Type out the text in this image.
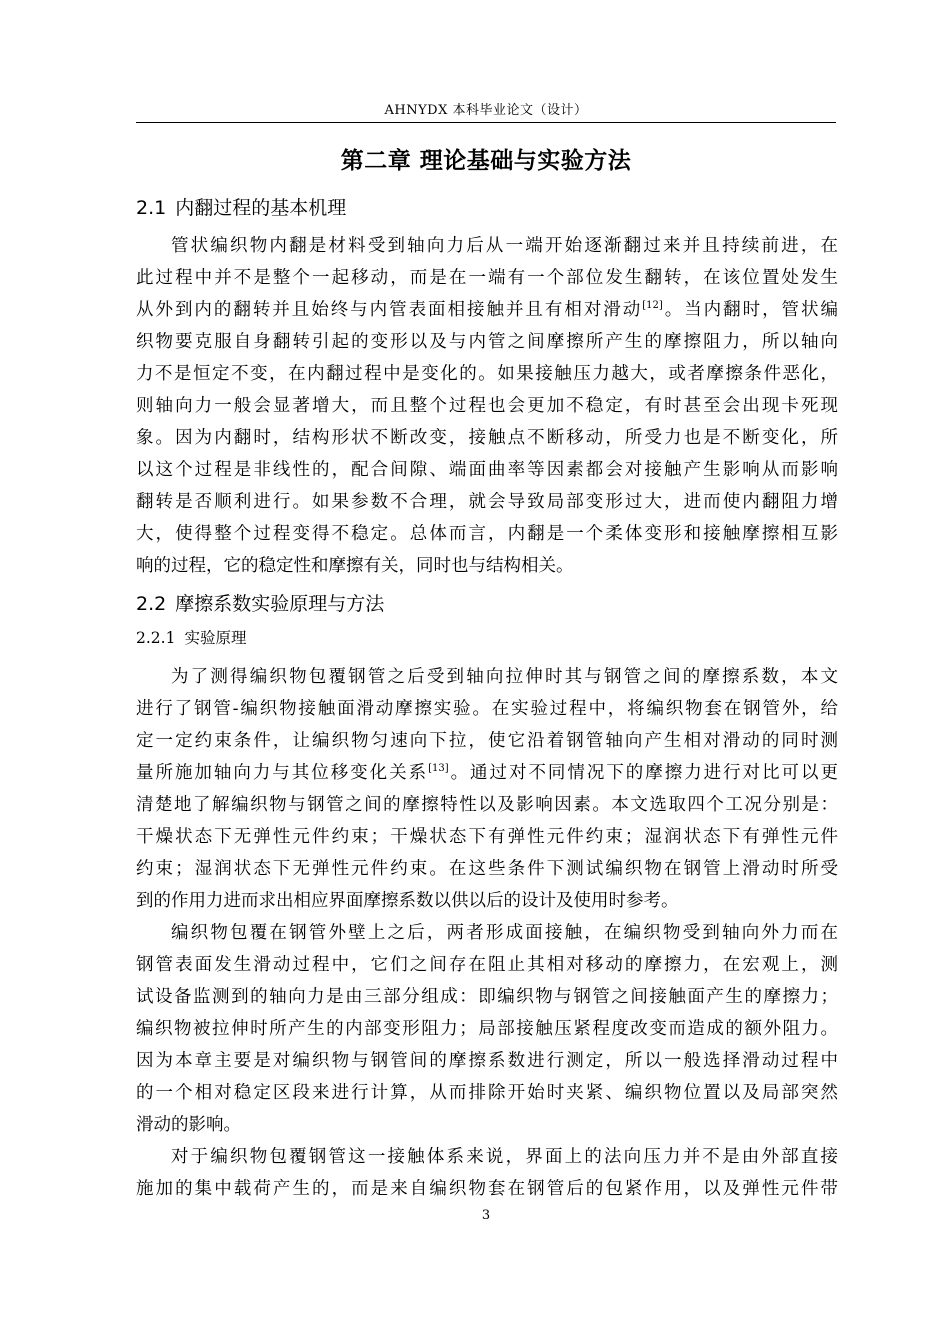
AHNYDX 本科毕业论文（设计）
第二章 理论基础与实验方法
2.1 内翻过程的基本机理
管状编织物内翻是材料受到轴向力后从一端开始逐渐翻过来并且持续前进，在
此过程中并不是整个一起移动，而是在一端有一个部位发生翻转，在该位置处发生
从外到内的翻转并且始终与内管表面相接触并且有相对滑动[12]。当内翻时，管状编
织物要克服自身翻转引起的变形以及与内管之间摩擦所产生的摩擦阻力，所以轴向
力不是恒定不变，在内翻过程中是变化的。如果接触压力越大，或者摩擦条件恶化，
则轴向力一般会显著增大，而且整个过程也会更加不稳定，有时甚至会出现卡死现
象。因为内翻时，结构形状不断改变，接触点不断移动，所受力也是不断变化，所
以这个过程是非线性的，配合间隙、端面曲率等因素都会对接触产生影响从而影响
翻转是否顺利进行。如果参数不合理，就会导致局部变形过大，进而使内翻阻力增
大，使得整个过程变得不稳定。总体而言，内翻是一个柔体变形和接触摩擦相互影
响的过程，它的稳定性和摩擦有关，同时也与结构相关。
2.2 摩擦系数实验原理与方法
2.2.1 实验原理
为了测得编织物包覆钢管之后受到轴向拉伸时其与钢管之间的摩擦系数，本文
进行了钢管-编织物接触面滑动摩擦实验。在实验过程中，将编织物套在钢管外，给
定一定约束条件，让编织物匀速向下拉，使它沿着钢管轴向产生相对滑动的同时测
量所施加轴向力与其位移变化关系[13]。通过对不同情况下的摩擦力进行对比可以更
清楚地了解编织物与钢管之间的摩擦特性以及影响因素。本文选取四个工况分别是：
干燥状态下无弹性元件约束；干燥状态下有弹性元件约束；湿润状态下有弹性元件
约束；湿润状态下无弹性元件约束。在这些条件下测试编织物在钢管上滑动时所受
到的作用力进而求出相应界面摩擦系数以供以后的设计及使用时参考。
编织物包覆在钢管外壁上之后，两者形成面接触，在编织物受到轴向外力而在
钢管表面发生滑动过程中，它们之间存在阻止其相对移动的摩擦力，在宏观上，测
试设备监测到的轴向力是由三部分组成：即编织物与钢管之间接触面产生的摩擦力；
编织物被拉伸时所产生的内部变形阻力；局部接触压紧程度改变而造成的额外阻力。
因为本章主要是对编织物与钢管间的摩擦系数进行测定，所以一般选择滑动过程中
的一个相对稳定区段来进行计算，从而排除开始时夹紧、编织物位置以及局部突然
滑动的影响。
对于编织物包覆钢管这一接触体系来说，界面上的法向压力并不是由外部直接
施加的集中载荷产生的，而是来自编织物套在钢管后的包紧作用，以及弹性元件带
3
